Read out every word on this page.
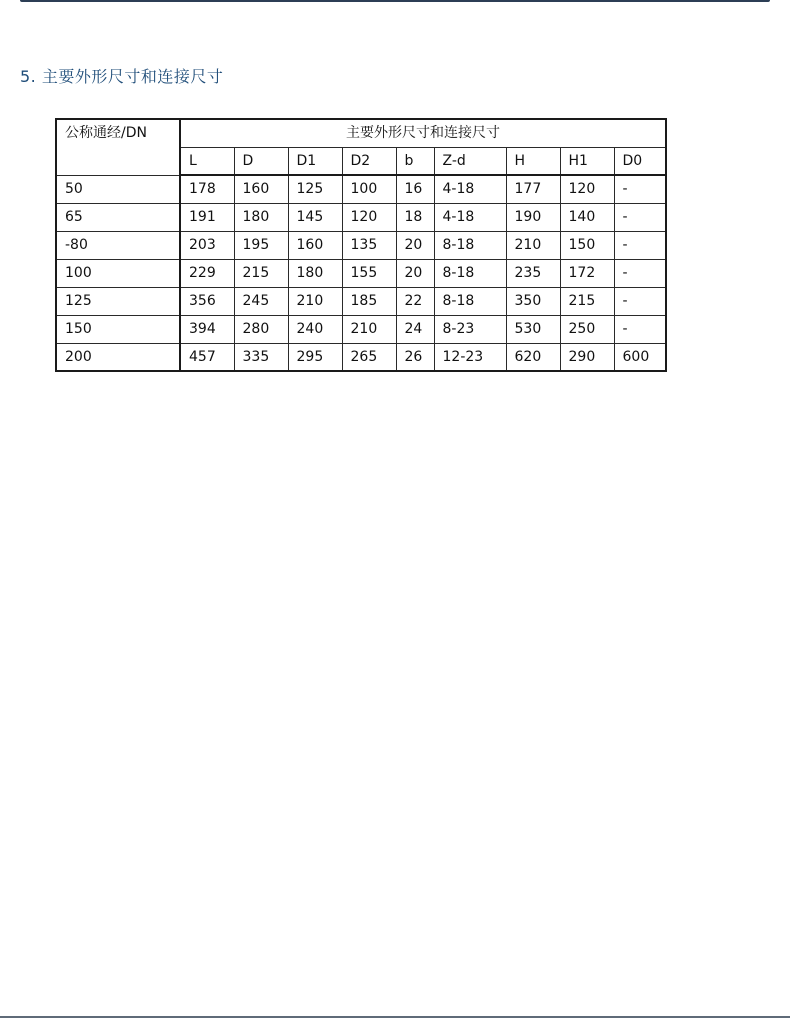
5. 主要外形尺寸和连接尺寸
公称通经/DN	主要外形尺寸和连接尺寸								
	L	D	D1	D2	b	Z-d	H	H1	D0
50	178	160	125	100	16	4-18	177	120	-
65	191	180	145	120	18	4-18	190	140	-
-80	203	195	160	135	20	8-18	210	150	-
100	229	215	180	155	20	8-18	235	172	-
125	356	245	210	185	22	8-18	350	215	-
150	394	280	240	210	24	8-23	530	250	-
200	457	335	295	265	26	12-23	620	290	600
